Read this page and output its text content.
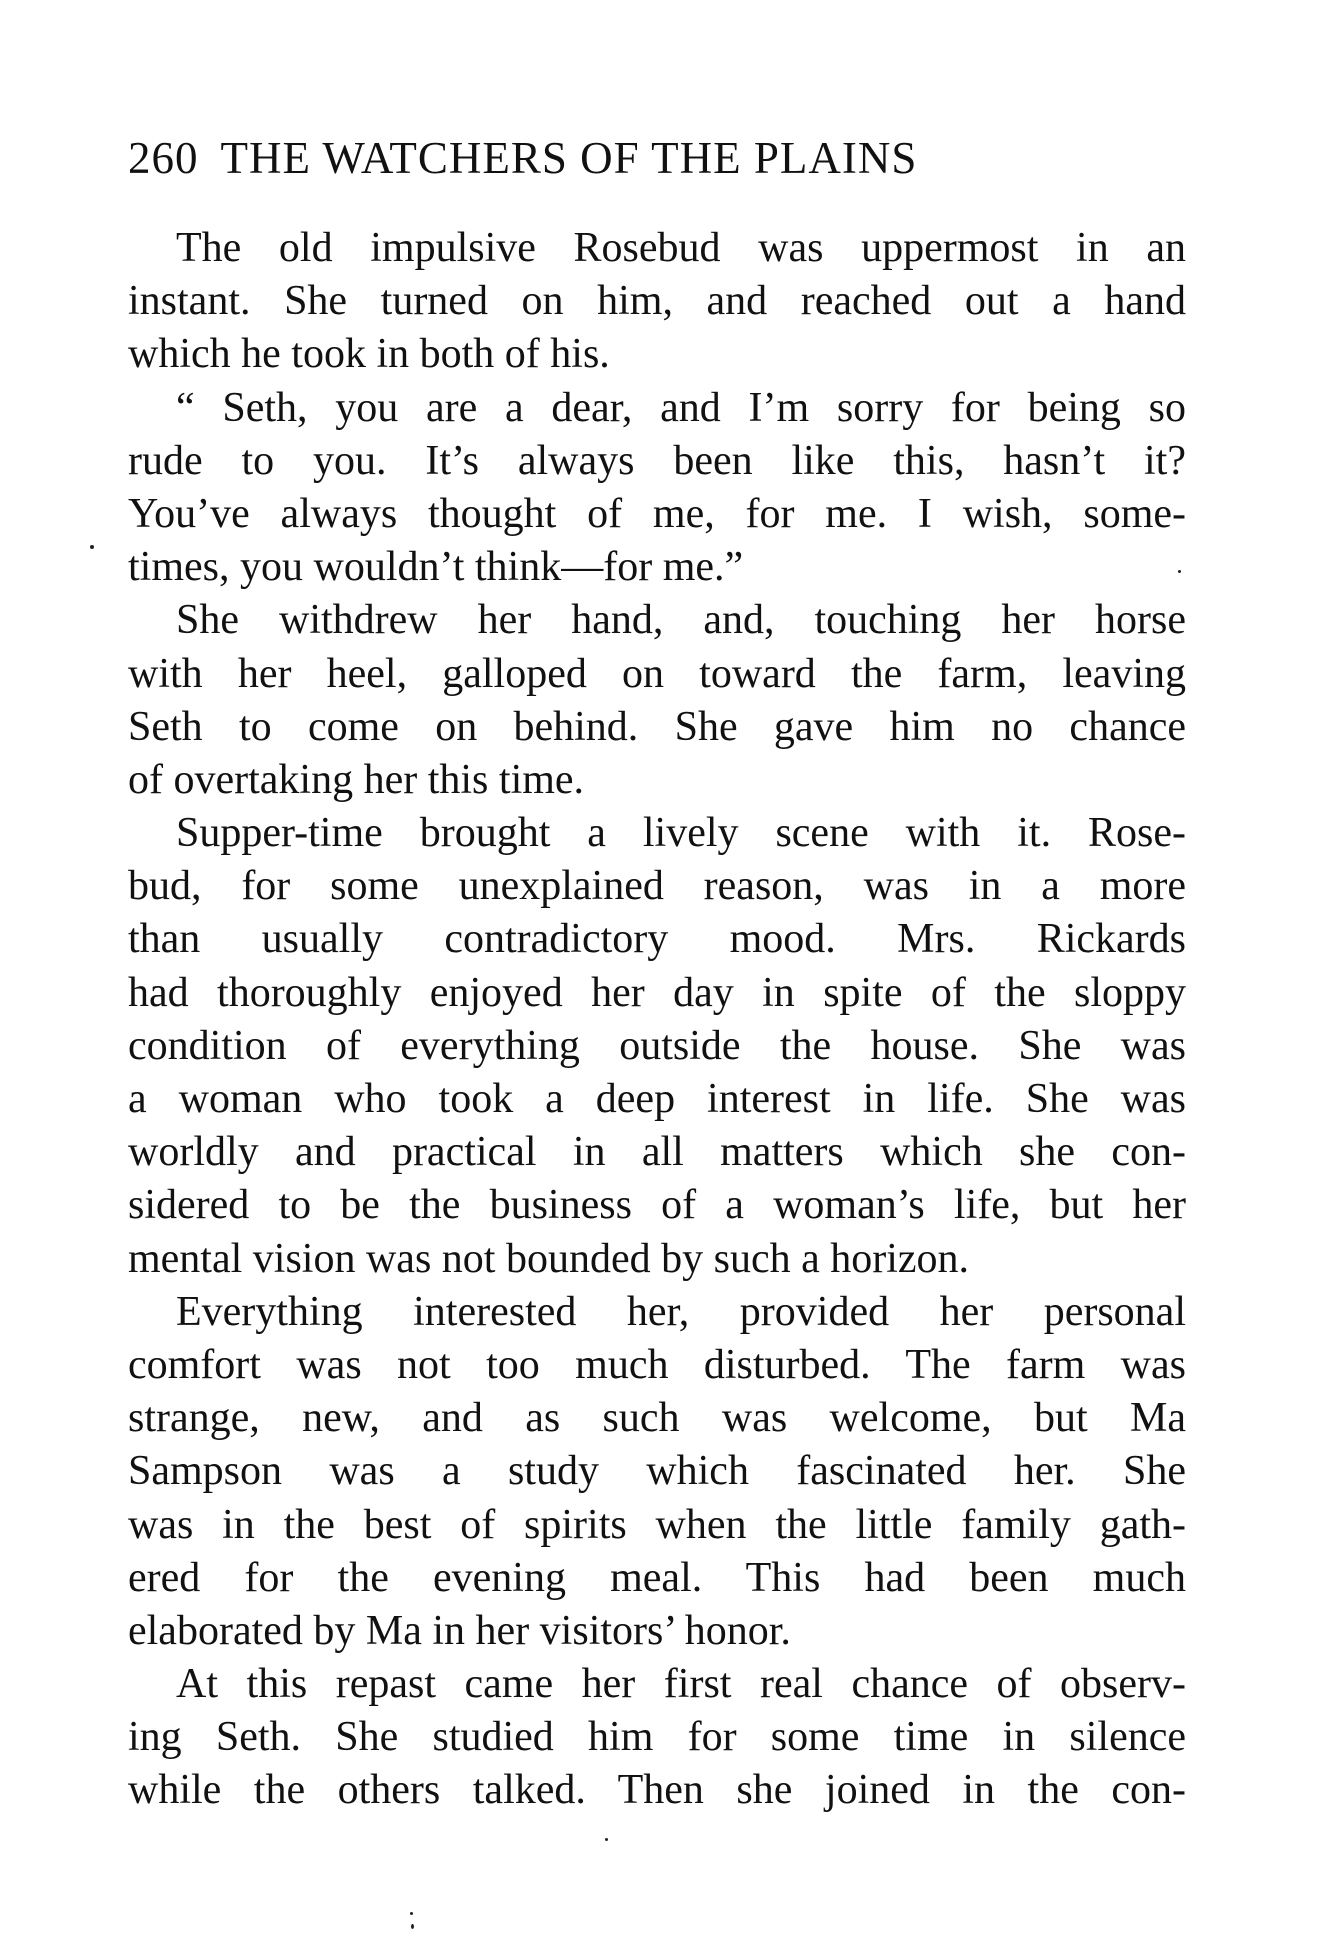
260 THE WATCHERS OF THE PLAINS

The old impulsive Rosebud was uppermost in an
instant. She turned on him, and reached out a hand
which he took in both of his.

“ Seth, you are a dear, and I’m sorry for being so
rude to you. It’s always been like this, hasn’t it?
You’ve always thought of me, for me. I wish, some-
times, you wouldn’t think—for me.”

She withdrew her hand, and, touching her horse
with her heel, galloped on toward the farm, leaving
Seth to come on behind. She gave him no chance
of overtaking her this time.

Supper-time brought a lively scene with it. Rose-
bud, for some unexplained reason, was in a more
than usually contradictory mood. Mrs. Rickards
had thoroughly enjoyed her day in spite of the sloppy
condition of everything outside the house. She was
a woman who took a deep interest in life. She was
worldly and practical in all matters which she con-
sidered to be the business of a woman’s life, but her
mental vision was not bounded by such a horizon.

Everything interested her, provided her personal
comfort was not too much disturbed. The farm was
strange, new, and as such was welcome, but Ma
Sampson was a study which fascinated her. She
was in the best of spirits when the little family gath-
ered for the evening meal. This had been much
elaborated by Ma in her visitors’ honor.

At this repast came her first real chance of observ-
ing Seth. She studied him for some time in silence
while the others talked. Then she joined in the con-
